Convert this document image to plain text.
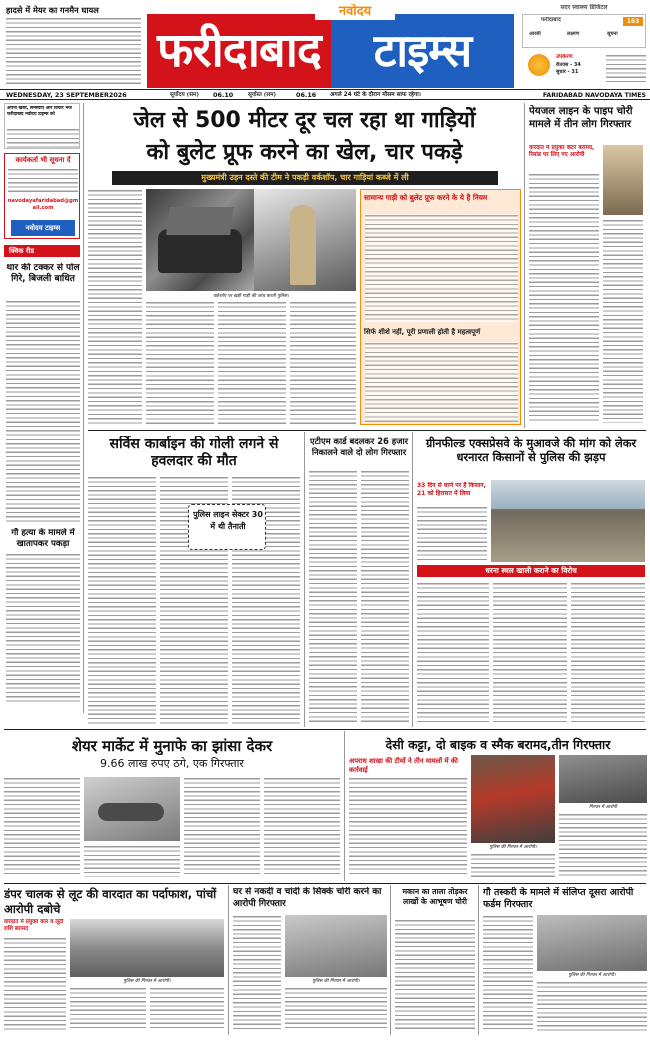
हादसे में मेयर का गनमैन घायल
फरीदाबाद	टाइम्स
नवोदय	सदर स्वास्थ्य डिजिटल
फरीदाबाद	163
आरसी	लक्ष्मण	सूचना
उपकरण
रीतवस - 34
सुधार - 31
WEDNESDAY, 23 SEPTEMBER2026	सूर्योदय (सम)	06.10	सूर्यास्त (सम)	06.16	अगले 24 घंटे के दौरान मौसम साफ रहेगा।	FARIDABAD NAVODAYA TIMES
अपनी खबरें, समस्याएं और विचार भेजें फरीदाबाद नवोदय टाइम्स को
कार्यकर्ता भी सूचना दें
navodayafaridabad@gmail.com
नवोदय टाइम्स
क्विक रीड
थार की टक्कर से पोल गिरे, बिजली बाधित
गौ हत्या के मामले में खातापकर पकड़ा
जेल से 500 मीटर दूर चल रहा था गाड़ियों
को बुलेट प्रूफ करने का खेल, चार पकड़े
मुख्यमंत्री उड़न दस्ते की टीम ने पकड़ी वर्कशॉप, चार गाड़ियां कब्जे में ली
वर्कशॉप पर खड़ी गाड़ी की जांच करती पुलिस।
सामान्य गाड़ी को बुलेट प्रूफ करने के ये है नियम
सिर्फ शीशे नहीं, पूरी प्रणाली होती है महत्वपूर्ण
पेयजल लाइन के पाइप चोरी मामले में तीन लोग गिरफ्तार
वारदात में प्रयुक्त कैंटर बरामद, रिमांड पर लिए गए आरोपी
सर्विस कार्बाइन की गोली लगने से हवलदार की मौत
पुलिस लाइन सेक्टर 30 में थी तैनाती
एटीएम कार्ड बदलकर 26 हजार निकालने वाले दो लोग गिरफ्तार
ग्रीनफील्ड एक्सप्रेसवे के मुआवजे की मांग को लेकर धरनारत किसानों से पुलिस की झड़प
33 दिन से धरने पर है किसान, 21 को हिरासत में लिया
धरना स्थल खाली कराने का विरोध
शेयर मार्केट में मुनाफे का झांसा देकर
9.66 लाख रुपए ठगे, एक गिरफ्तार
देसी कट्टा, दो बाइक व स्मैक बरामद,तीन गिरफ्तार
अपराध शाखा की टीमों ने तीन मामलों में की कार्रवाई
पुलिस की गिरफ्त में आरोपी।
गिरफ्त में आरोपी
डंपर चालक से लूट की वारदात का पर्दाफाश, पांचों आरोपी दबोचे
वारदात में प्रयुक्त कार व लूटी राशि बरामद
पुलिस की गिरफ्त में आरोपी।
घर से नकदी व चांदी के सिक्के चोरी करने का आरोपी गिरफ्तार
पुलिस की गिरफ्त में आरोपी।
मकान का ताला तोड़कर लाखों के आभूषण चोरी
गौ तस्करी के मामले में संलिप्त दूसरा आरोपी फर्डम गिरफ्तार
पुलिस की गिरफ्त में आरोपी।
